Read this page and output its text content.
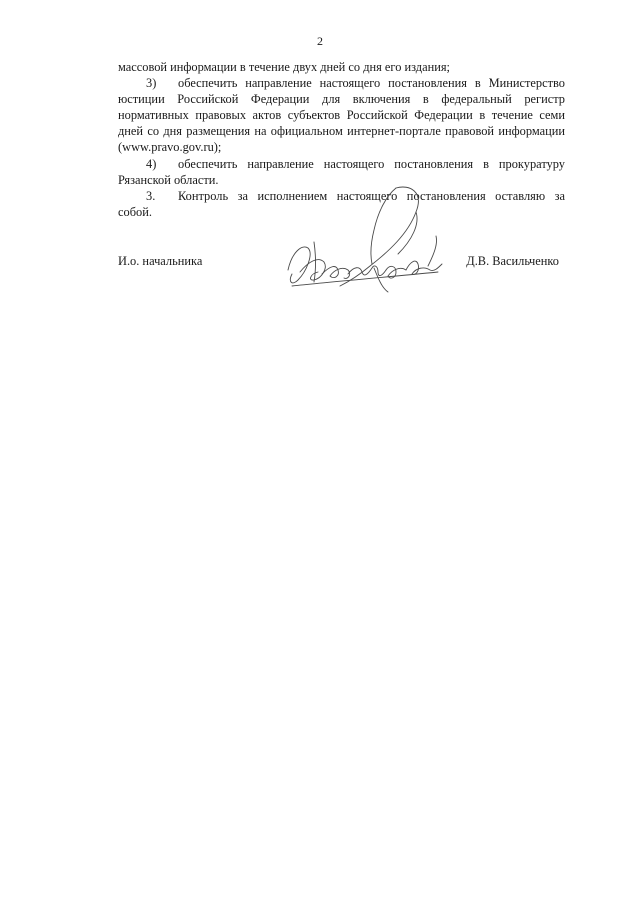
2
массовой информации в течение двух дней со дня его издания;
3) обеспечить направление настоящего постановления в Министерство
юстиции Российской Федерации для включения в федеральный регистр
нормативных правовых актов субъектов Российской Федерации в течение семи
дней со дня размещения на официальном интернет-портале правовой информации
(www.pravo.gov.ru);
4) обеспечить направление настоящего постановления в прокуратуру
Рязанской области.
3. Контроль за исполнением настоящего постановления оставляю за
собой.
И.о. начальника	Д.В. Васильченко
